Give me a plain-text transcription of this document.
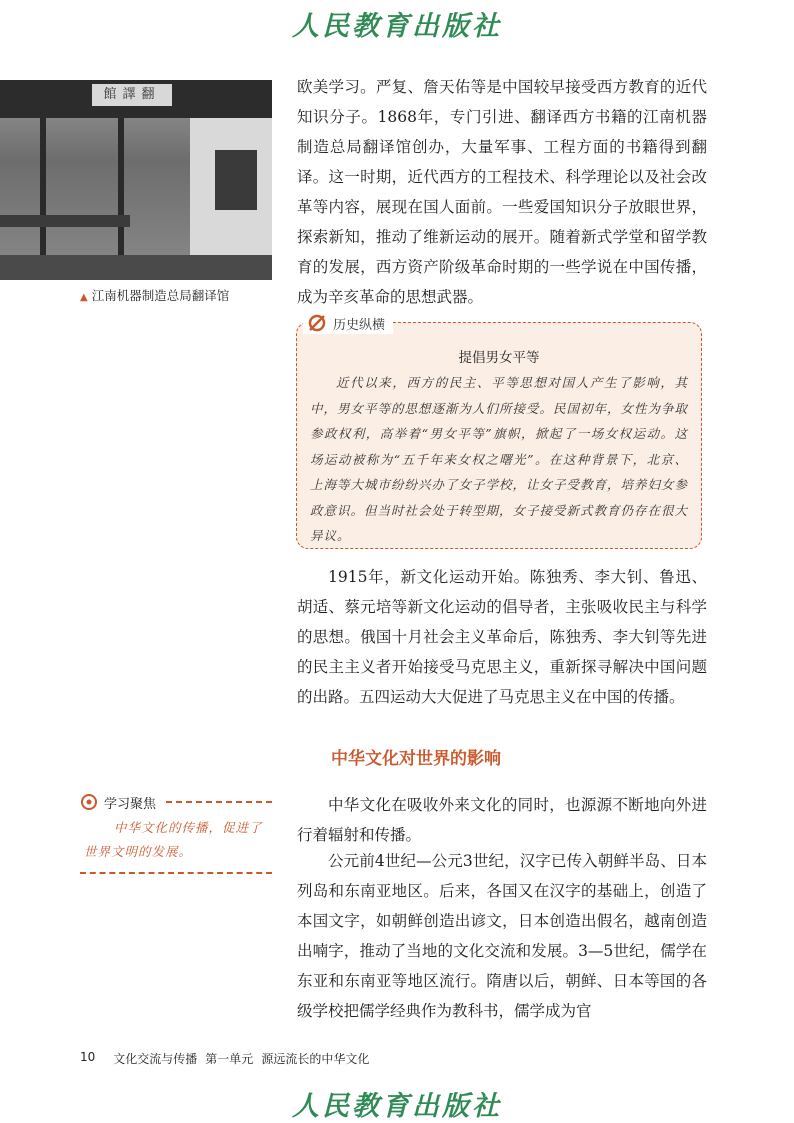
人民教育出版社
館譯翻
▲ 江南机器制造总局翻译馆

欧美学习。严复、詹天佑等是中国较早接受西方教育的近代知识分子。1868年，专门引进、翻译西方书籍的江南机器制造总局翻译馆创办，大量军事、工程方面的书籍得到翻译。这一时期，近代西方的工程技术、科学理论以及社会改革等内容，展现在国人面前。一些爱国知识分子放眼世界，探索新知，推动了维新运动的展开。随着新式学堂和留学教育的发展，西方资产阶级革命时期的一些学说在中国传播，成为辛亥革命的思想武器。

历史纵横
提倡男女平等

近代以来，西方的民主、平等思想对国人产生了影响，其中，男女平等的思想逐渐为人们所接受。民国初年，女性为争取参政权利，高举着“男女平等”旗帜，掀起了一场女权运动。这场运动被称为“五千年来女权之曙光”。在这种背景下，北京、上海等大城市纷纷兴办了女子学校，让女子受教育，培养妇女参政意识。但当时社会处于转型期，女子接受新式教育仍存在很大异议。

1915年，新文化运动开始。陈独秀、李大钊、鲁迅、胡适、蔡元培等新文化运动的倡导者，主张吸收民主与科学的思想。俄国十月社会主义革命后，陈独秀、李大钊等先进的民主主义者开始接受马克思主义，重新探寻解决中国问题的出路。五四运动大大促进了马克思主义在中国的传播。

中华文化对世界的影响
学习聚焦

中华文化的传播，促进了世界文明的发展。

中华文化在吸收外来文化的同时，也源源不断地向外进行着辐射和传播。

公元前4世纪—公元3世纪，汉字已传入朝鲜半岛、日本列岛和东南亚地区。后来，各国又在汉字的基础上，创造了本国文字，如朝鲜创造出谚文，日本创造出假名，越南创造出喃字，推动了当地的文化交流和发展。3—5世纪，儒学在东亚和东南亚等地区流行。隋唐以后，朝鲜、日本等国的各级学校把儒学经典作为教科书，儒学成为官

10 文化交流与传播 第一单元 源远流长的中华文化
人民教育出版社
